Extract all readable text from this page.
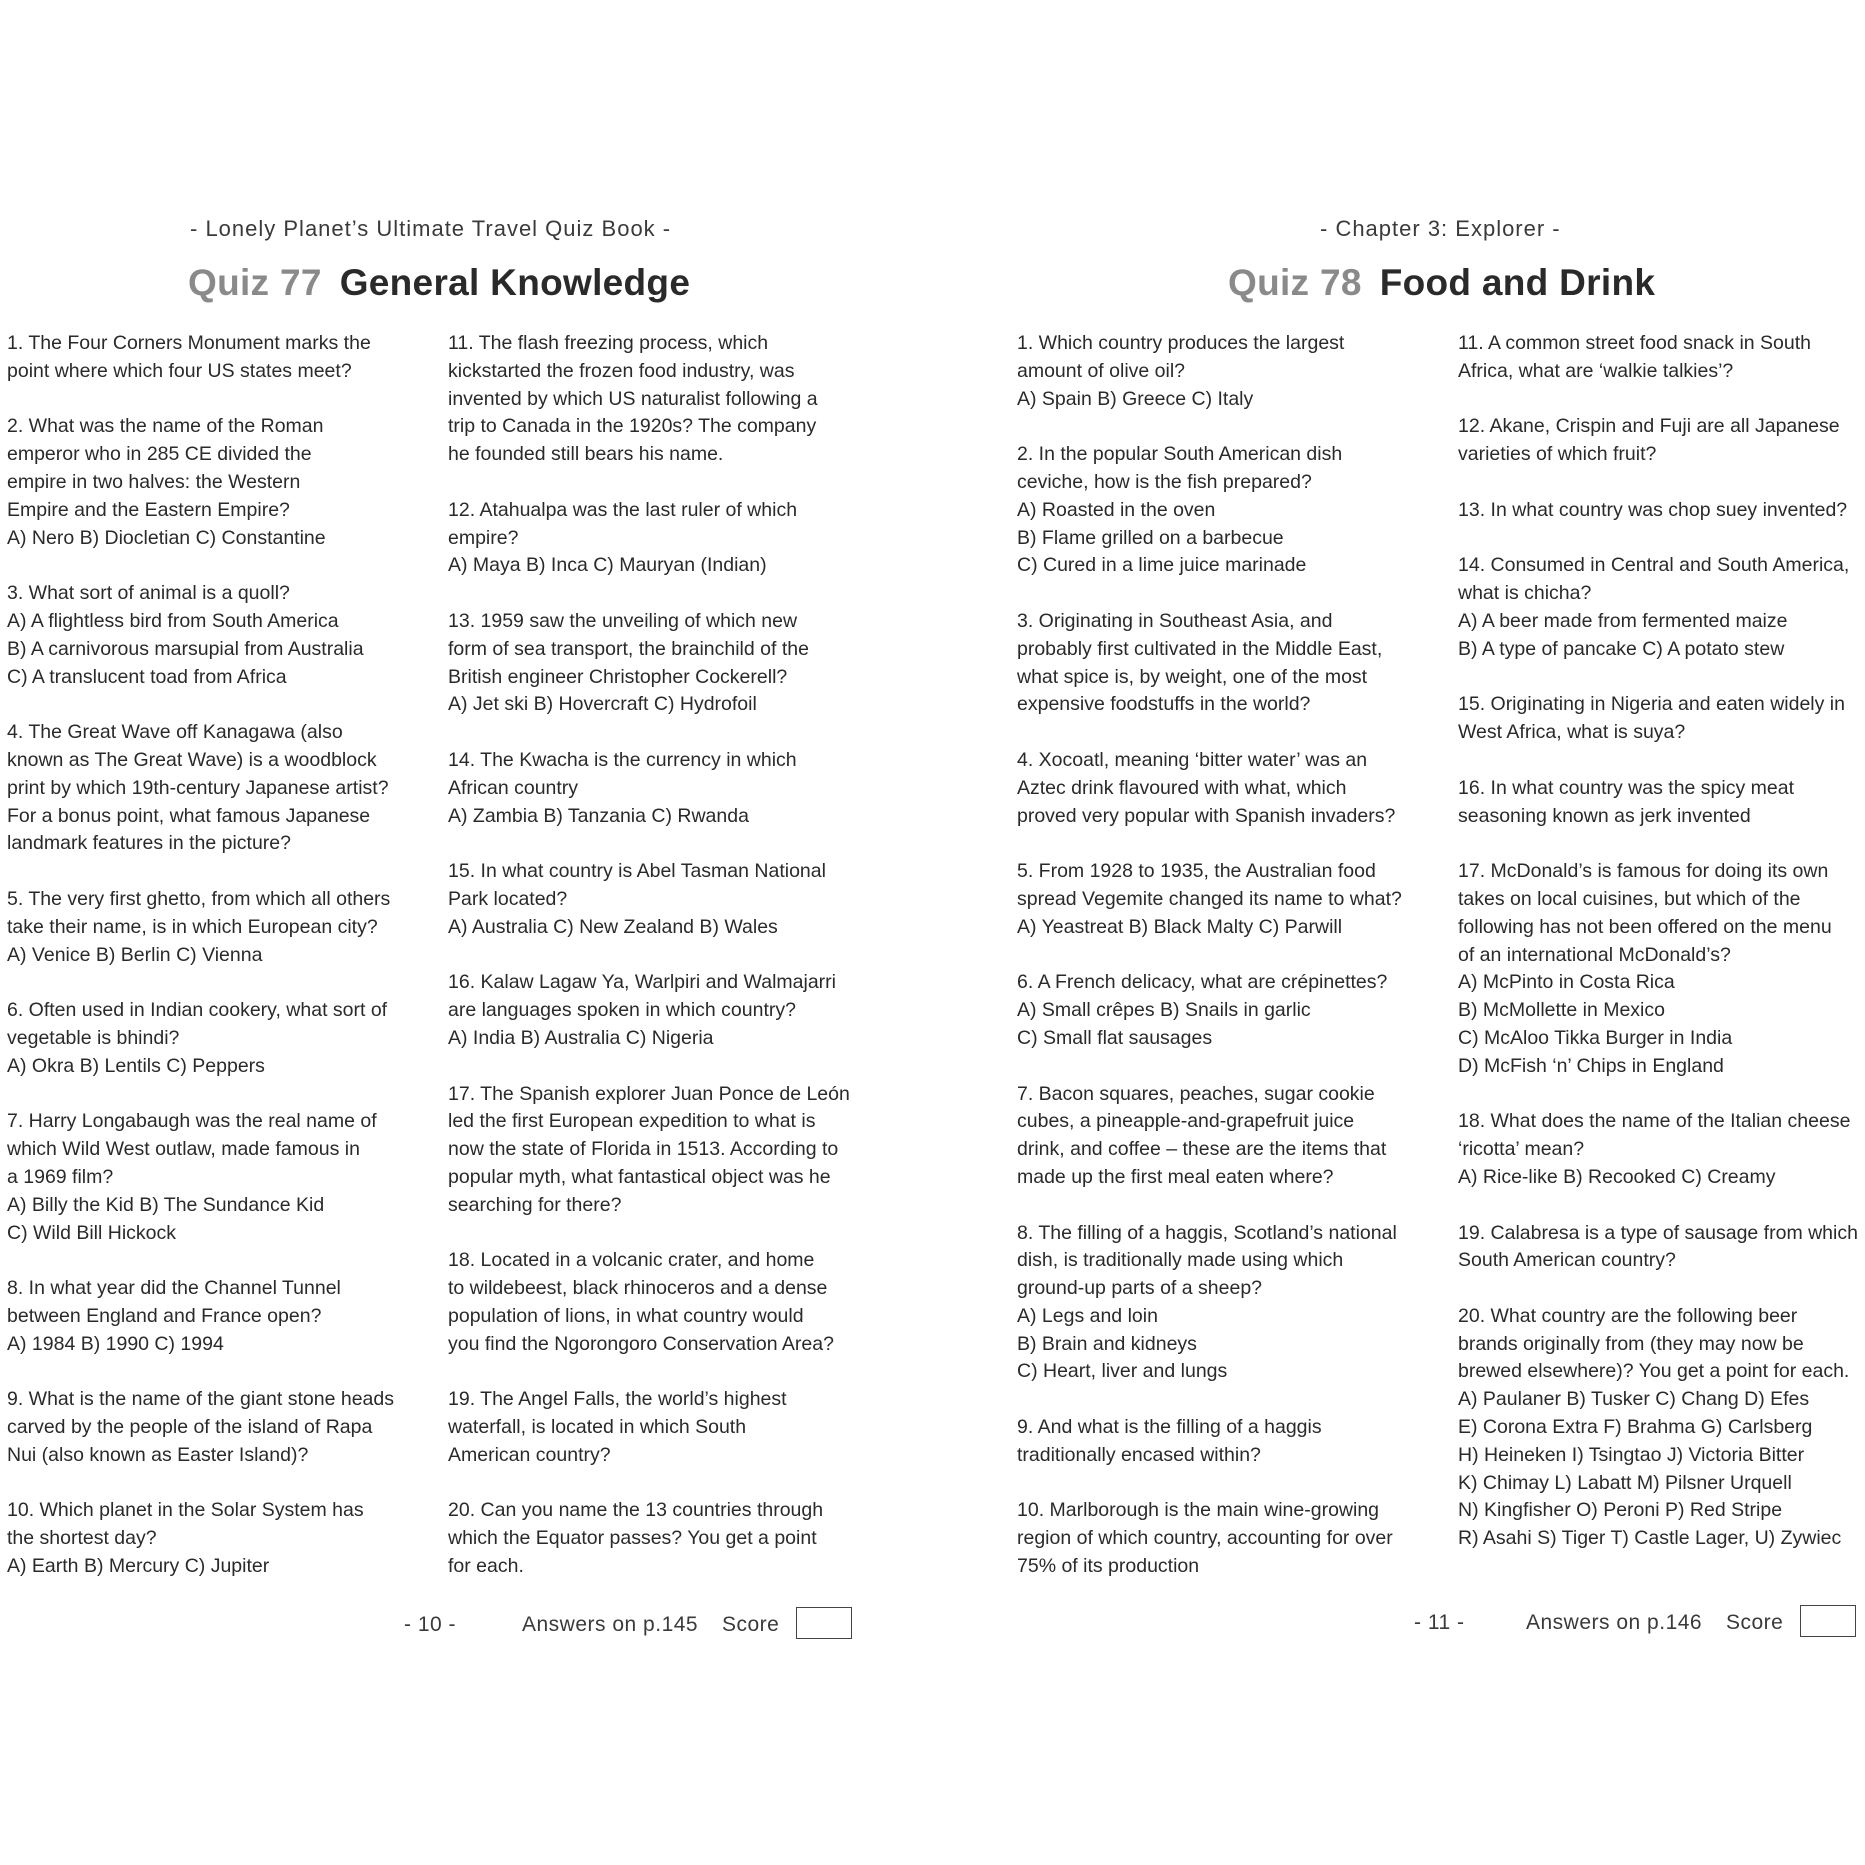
- Lonely Planet’s Ultimate Travel Quiz Book -
Quiz 77 General Knowledge
1. The Four Corners Monument marks the
point where which four US states meet?
2. What was the name of the Roman
emperor who in 285 CE divided the
empire in two halves: the Western
Empire and the Eastern Empire?
A) Nero B) Diocletian C) Constantine
3. What sort of animal is a quoll?
A) A flightless bird from South America
B) A carnivorous marsupial from Australia
C) A translucent toad from Africa
4. The Great Wave off Kanagawa (also
known as The Great Wave) is a woodblock
print by which 19th-century Japanese artist?
For a bonus point, what famous Japanese
landmark features in the picture?
5. The very first ghetto, from which all others
take their name, is in which European city?
A) Venice B) Berlin C) Vienna
6. Often used in Indian cookery, what sort of
vegetable is bhindi?
A) Okra B) Lentils C) Peppers
7. Harry Longabaugh was the real name of
which Wild West outlaw, made famous in
a 1969 film?
A) Billy the Kid B) The Sundance Kid
C) Wild Bill Hickock
8. In what year did the Channel Tunnel
between England and France open?
A) 1984 B) 1990 C) 1994
9. What is the name of the giant stone heads
carved by the people of the island of Rapa
Nui (also known as Easter Island)?
10. Which planet in the Solar System has
the shortest day?
A) Earth B) Mercury C) Jupiter
11. The flash freezing process, which
kickstarted the frozen food industry, was
invented by which US naturalist following a
trip to Canada in the 1920s? The company
he founded still bears his name.
12. Atahualpa was the last ruler of which
empire?
A) Maya B) Inca C) Mauryan (Indian)
13. 1959 saw the unveiling of which new
form of sea transport, the brainchild of the
British engineer Christopher Cockerell?
A) Jet ski B) Hovercraft C) Hydrofoil
14. The Kwacha is the currency in which
African country
A) Zambia B) Tanzania C) Rwanda
15. In what country is Abel Tasman National
Park located?
A) Australia C) New Zealand B) Wales
16. Kalaw Lagaw Ya, Warlpiri and Walmajarri
are languages spoken in which country?
A) India B) Australia C) Nigeria
17. The Spanish explorer Juan Ponce de León
led the first European expedition to what is
now the state of Florida in 1513. According to
popular myth, what fantastical object was he
searching for there?
18. Located in a volcanic crater, and home
to wildebeest, black rhinoceros and a dense
population of lions, in what country would
you find the Ngorongoro Conservation Area?
19. The Angel Falls, the world’s highest
waterfall, is located in which South
American country?
20. Can you name the 13 countries through
which the Equator passes? You get a point
for each.
- 10 -	Answers on p.145 Score
- Chapter 3: Explorer -
Quiz 78 Food and Drink
1. Which country produces the largest
amount of olive oil?
A) Spain B) Greece C) Italy
2. In the popular South American dish
ceviche, how is the fish prepared?
A) Roasted in the oven
B) Flame grilled on a barbecue
C) Cured in a lime juice marinade
3. Originating in Southeast Asia, and
probably first cultivated in the Middle East,
what spice is, by weight, one of the most
expensive foodstuffs in the world?
4. Xocoatl, meaning ‘bitter water’ was an
Aztec drink flavoured with what, which
proved very popular with Spanish invaders?
5. From 1928 to 1935, the Australian food
spread Vegemite changed its name to what?
A) Yeastreat B) Black Malty C) Parwill
6. A French delicacy, what are crépinettes?
A) Small crêpes B) Snails in garlic
C) Small flat sausages
7. Bacon squares, peaches, sugar cookie
cubes, a pineapple-and-grapefruit juice
drink, and coffee – these are the items that
made up the first meal eaten where?
8. The filling of a haggis, Scotland’s national
dish, is traditionally made using which
ground-up parts of a sheep?
A) Legs and loin
B) Brain and kidneys
C) Heart, liver and lungs
9. And what is the filling of a haggis
traditionally encased within?
10. Marlborough is the main wine-growing
region of which country, accounting for over
75% of its production
11. A common street food snack in South
Africa, what are ‘walkie talkies’?
12. Akane, Crispin and Fuji are all Japanese
varieties of which fruit?
13. In what country was chop suey invented?
14. Consumed in Central and South America,
what is chicha?
A) A beer made from fermented maize
B) A type of pancake C) A potato stew
15. Originating in Nigeria and eaten widely in
West Africa, what is suya?
16. In what country was the spicy meat
seasoning known as jerk invented
17. McDonald’s is famous for doing its own
takes on local cuisines, but which of the
following has not been offered on the menu
of an international McDonald’s?
A) McPinto in Costa Rica
B) McMollette in Mexico
C) McAloo Tikka Burger in India
D) McFish ‘n’ Chips in England
18. What does the name of the Italian cheese
‘ricotta’ mean?
A) Rice-like B) Recooked C) Creamy
19. Calabresa is a type of sausage from which
South American country?
20. What country are the following beer
brands originally from (they may now be
brewed elsewhere)? You get a point for each.
A) Paulaner B) Tusker C) Chang D) Efes
E) Corona Extra F) Brahma G) Carlsberg
H) Heineken I) Tsingtao J) Victoria Bitter
K) Chimay L) Labatt M) Pilsner Urquell
N) Kingfisher O) Peroni P) Red Stripe
R) Asahi S) Tiger T) Castle Lager, U) Zywiec
- 11 -	Answers on p.146 Score
